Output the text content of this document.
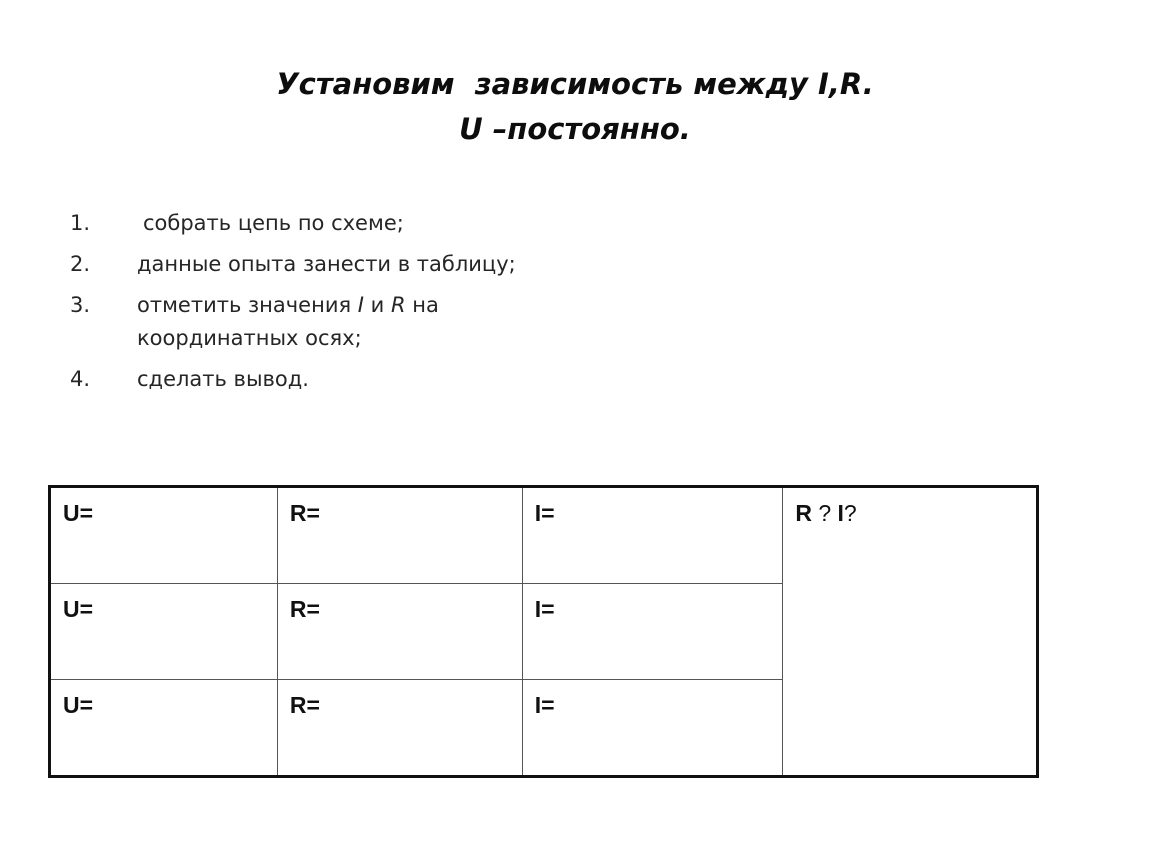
Установим  зависимость между I,R.
U –постоянно.
1.	собрать цепь по схеме;
2. данные опыта занести в таблицу;
3. отметить значения I и R на координатных осях;
4. сделать вывод.
U=	R=	I=	R ? I?
U=	R=	I=	
U=	R=	I=	
